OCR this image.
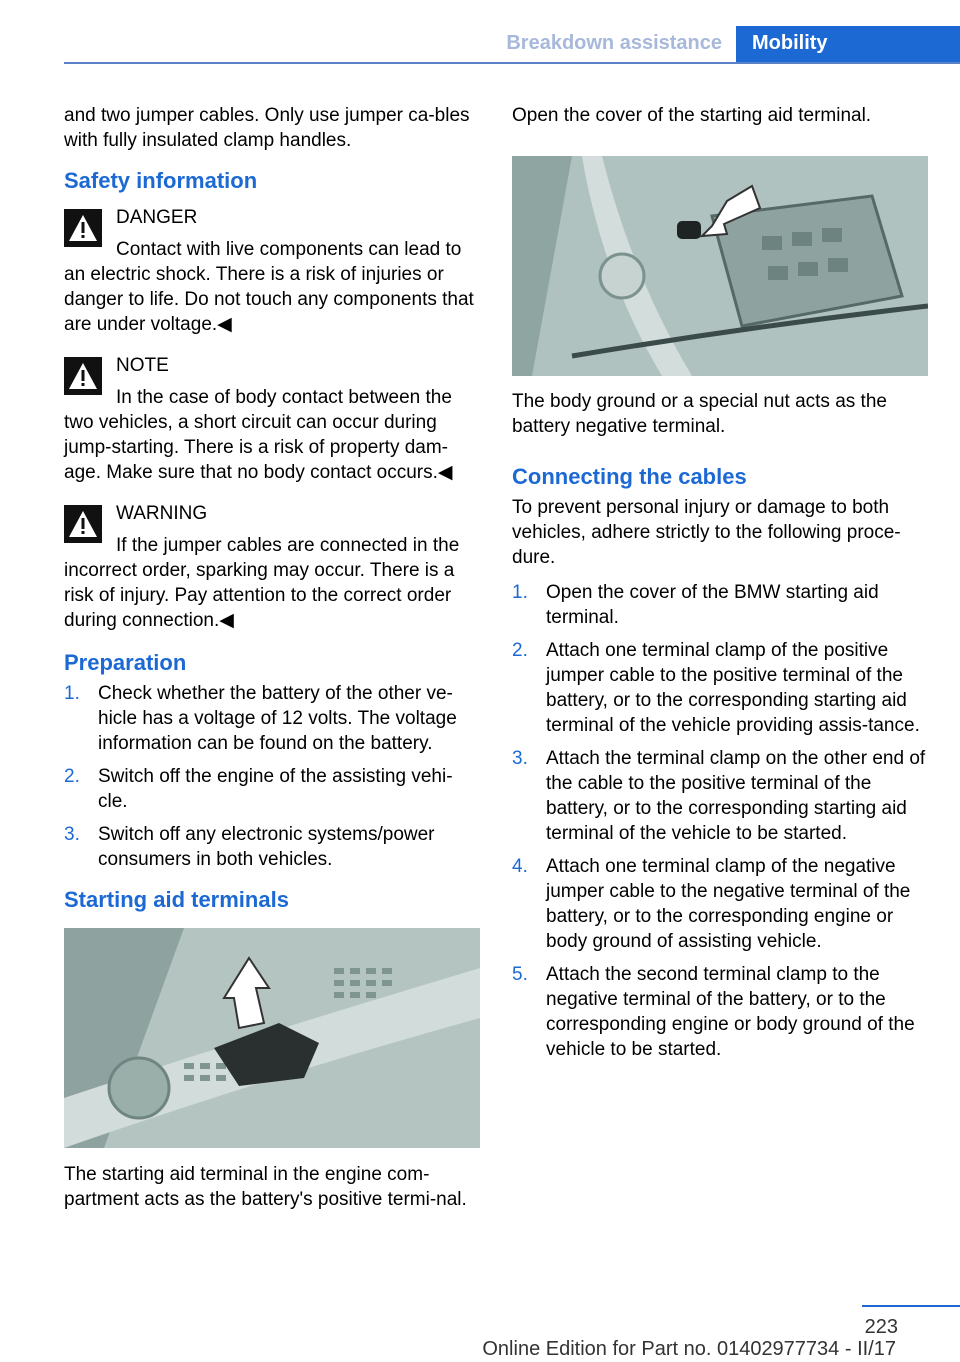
Breakdown assistance	Mobility

and two jumper cables. Only use jumper ca-bles with fully insulated clamp handles.

Safety information
DANGER
Contact with live components can lead to an electric shock. There is a risk of injuries or danger to life. Do not touch any components that are under voltage.◀
NOTE
In the case of body contact between the two vehicles, a short circuit can occur during jump-starting. There is a risk of property dam-age. Make sure that no body contact occurs.◀
WARNING
If the jumper cables are connected in the incorrect order, sparking may occur. There is a risk of injury. Pay attention to the correct order during connection.◀
Preparation
1. Check whether the battery of the other ve-hicle has a voltage of 12 volts. The voltage information can be found on the battery.
2. Switch off the engine of the assisting vehi-cle.
3. Switch off any electronic systems/power consumers in both vehicles.
Starting aid terminals

The starting aid terminal in the engine com-partment acts as the battery's positive termi-nal.

Open the cover of the starting aid terminal.

The body ground or a special nut acts as the battery negative terminal.

Connecting the cables

To prevent personal injury or damage to both vehicles, adhere strictly to the following proce-dure.

1. Open the cover of the BMW starting aid terminal.
2. Attach one terminal clamp of the positive jumper cable to the positive terminal of the battery, or to the corresponding starting aid terminal of the vehicle providing assis-tance.
3. Attach the terminal clamp on the other end of the cable to the positive terminal of the battery, or to the corresponding starting aid terminal of the vehicle to be started.
4. Attach one terminal clamp of the negative jumper cable to the negative terminal of the battery, or to the corresponding engine or body ground of assisting vehicle.
5. Attach the second terminal clamp to the negative terminal of the battery, or to the corresponding engine or body ground of the vehicle to be started.
223
Online Edition for Part no. 01402977734 - II/17
